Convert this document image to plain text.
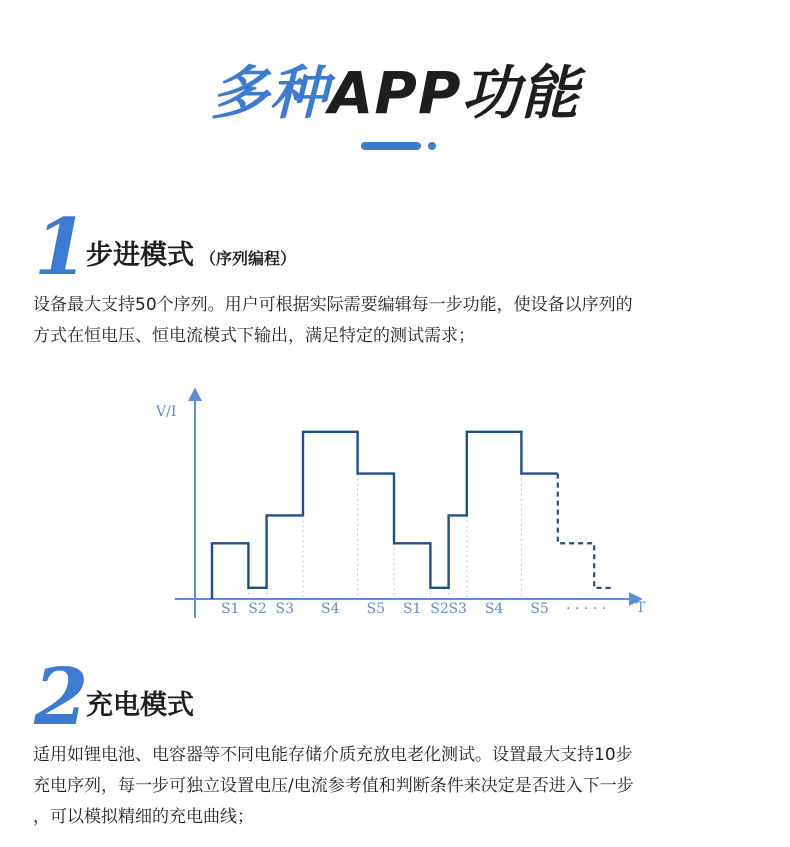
多种APP功能
1
步进模式 （序列编程）
设备最大支持50个序列。用户可根据实际需要编辑每一步功能，使设备以序列的
方式在恒电压、恒电流模式下输出，满足特定的测试需求；
V/I
T
· · · · ·
S1 S2 S3 S4 S5 S1 S2 S3 S4 S5
2
充电模式
适用如锂电池、电容器等不同电能存储介质充放电老化测试。设置最大支持10步
充电序列，每一步可独立设置电压/电流参考值和判断条件来决定是否进入下一步
，可以模拟精细的充电曲线；
